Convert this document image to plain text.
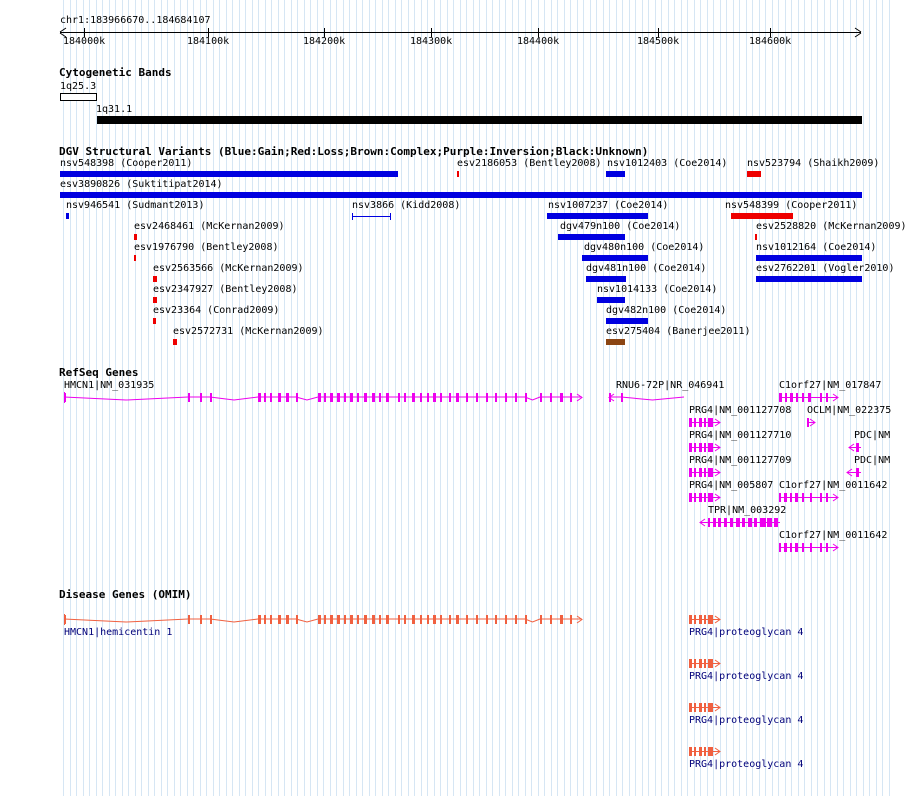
184000k	184100k	184200k	184300k	184400k	184500k	184600k
chr1:183966670..184684107
Cytogenetic Bands
1q25.3
1q31.1
DGV Structural Variants (Blue:Gain;Red:Loss;Brown:Complex;Purple:Inversion;Black:Unknown)
nsv548398 (Cooper2011)	esv2186053 (Bentley2008) nsv1012403 (Coe2014) nsv523794 (Shaikh2009)
esv3890826 (Suktitipat2014)
nsv946541 (Sudmant2013)	nsv3866 (Kidd2008)	nsv1007237 (Coe2014)	nsv548399 (Cooper2011)
esv2468461 (McKernan2009)	dgv479n100 (Coe2014)	esv2528820 (McKernan2009)
esv1976790 (Bentley2008)	dgv480n100 (Coe2014)	nsv1012164 (Coe2014)
esv2563566 (McKernan2009)	dgv481n100 (Coe2014)	esv2762201 (Vogler2010)
esv2347927 (Bentley2008)	nsv1014133 (Coe2014)
esv23364 (Conrad2009)	dgv482n100 (Coe2014)
esv2572731 (McKernan2009)	esv275404 (Banerjee2011)
RefSeq Genes
HMCN1|NM_031935	RNU6-72P|NR_046941	C1orf27|NM_017847
PRG4|NM_001127708 OCLM|NM_022375
PRG4|NM_001127710	PDC|NM
PRG4|NM_001127709	PDC|NM
PRG4|NM_005807 C1orf27|NM_0011642
TPR|NM_003292
C1orf27|NM_0011642
Disease Genes (OMIM)
HMCN1|hemicentin 1	PRG4|proteoglycan 4
PRG4|proteoglycan 4
PRG4|proteoglycan 4
PRG4|proteoglycan 4
